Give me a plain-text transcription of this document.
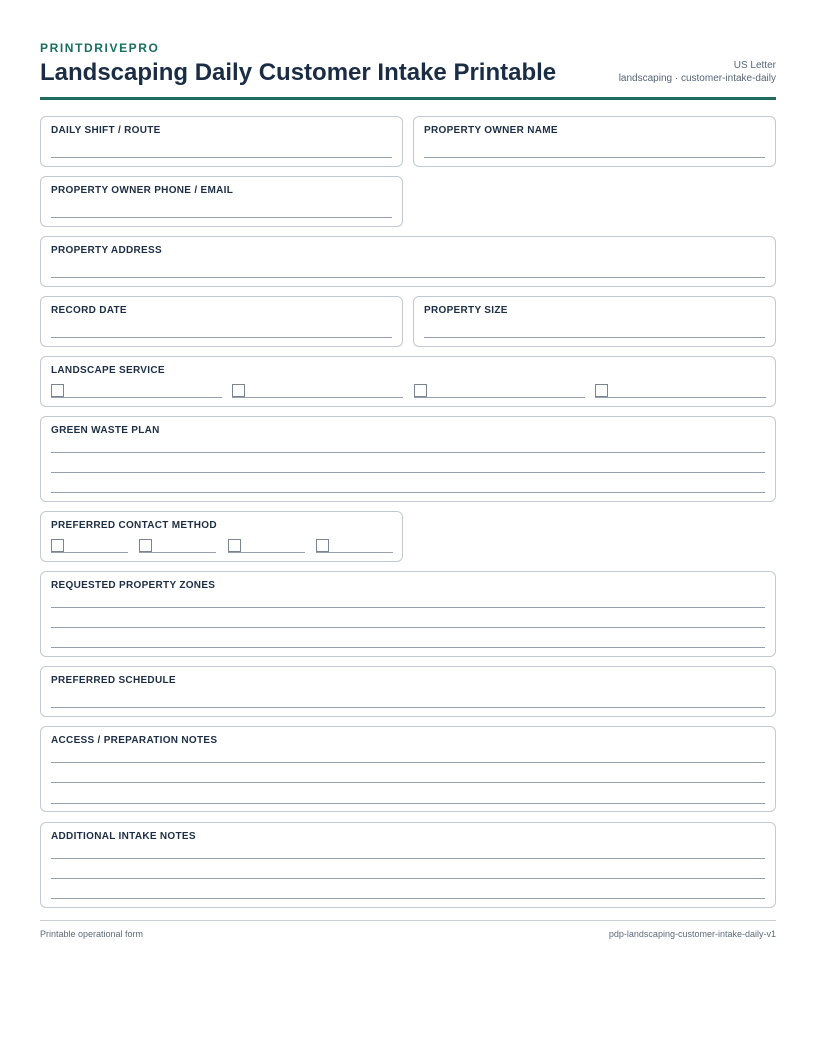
PRINTDRIVEPRO
Landscaping Daily Customer Intake Printable	US Letter
landscaping · customer-intake-daily
DAILY SHIFT / ROUTE	PROPERTY OWNER NAME
PROPERTY OWNER PHONE / EMAIL
PROPERTY ADDRESS
RECORD DATE	PROPERTY SIZE
LANDSCAPE SERVICE
GREEN WASTE PLAN
PREFERRED CONTACT METHOD
REQUESTED PROPERTY ZONES
PREFERRED SCHEDULE
ACCESS / PREPARATION NOTES
ADDITIONAL INTAKE NOTES
Printable operational form	pdp-landscaping-customer-intake-daily-v1
